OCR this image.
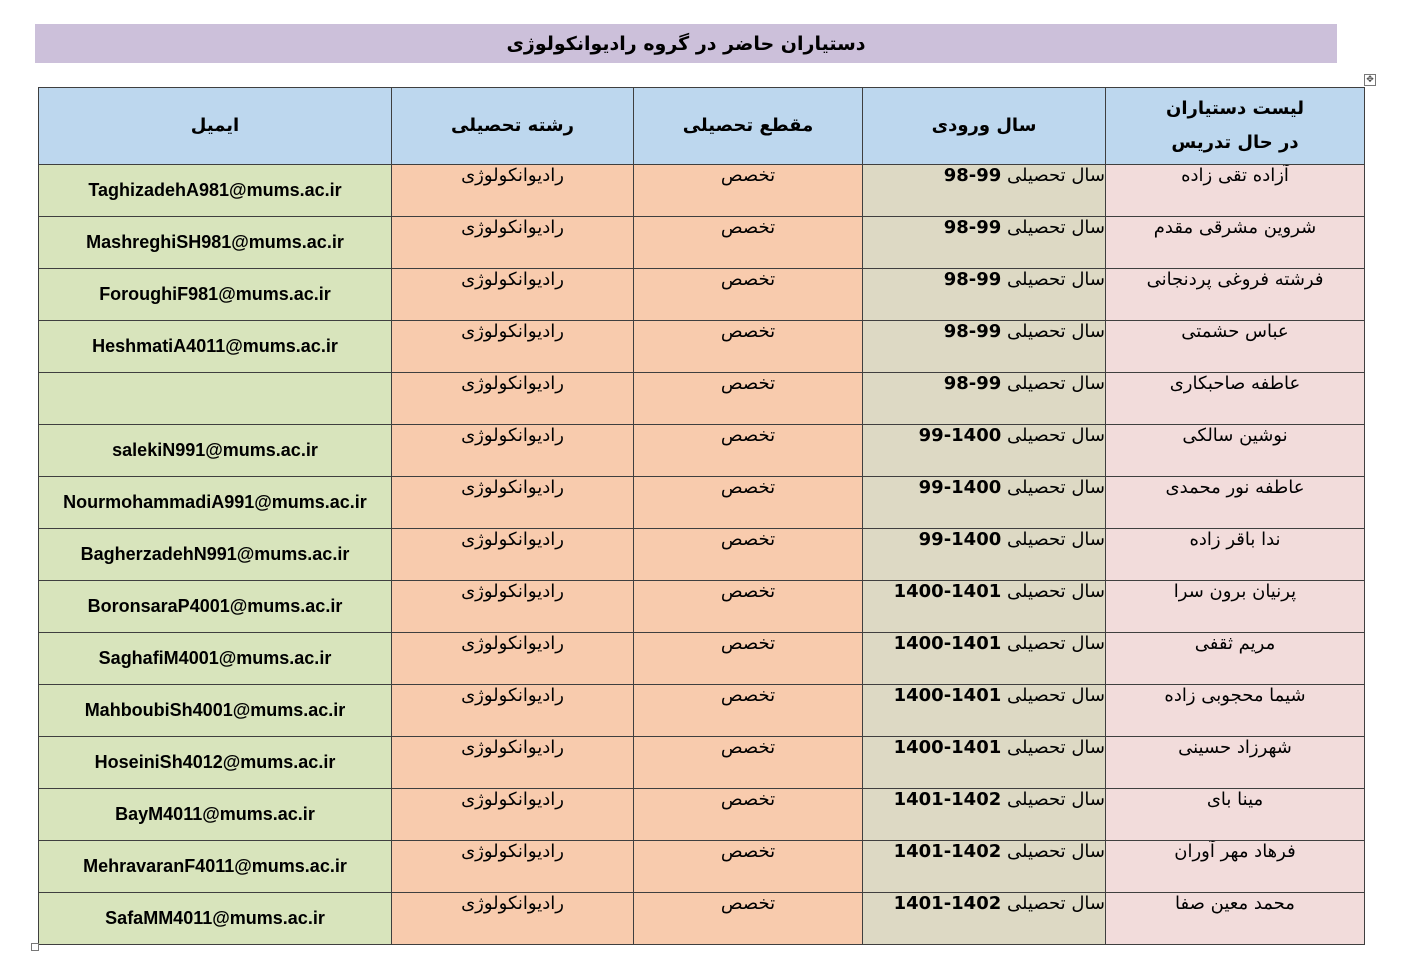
دستیاران حاضر در گروه رادیوانکولوژی
✥
لیست دستیاران
در حال تدریس	سال ورودی	مقطع تحصیلی	رشته تحصیلی	ایمیل
آزاده تقی زاده	سال تحصیلی 98-99	تخصص	رادیوانکولوژی	TaghizadehA981@mums.ac.ir
شروین مشرقی مقدم	سال تحصیلی 98-99	تخصص	رادیوانکولوژی	MashreghiSH981@mums.ac.ir
فرشته فروغی پردنجانی	سال تحصیلی 98-99	تخصص	رادیوانکولوژی	ForoughiF981@mums.ac.ir
عباس حشمتی	سال تحصیلی 98-99	تخصص	رادیوانکولوژی	HeshmatiA4011@mums.ac.ir
عاطفه صاحبکاری	سال تحصیلی 98-99	تخصص	رادیوانکولوژی	
نوشین سالکی	سال تحصیلی 99-1400	تخصص	رادیوانکولوژی	salekiN991@mums.ac.ir
عاطفه نور محمدی	سال تحصیلی 99-1400	تخصص	رادیوانکولوژی	NourmohammadiA991@mums.ac.ir
ندا باقر زاده	سال تحصیلی 99-1400	تخصص	رادیوانکولوژی	BagherzadehN991@mums.ac.ir
پرنیان برون سرا	سال تحصیلی 1400-1401	تخصص	رادیوانکولوژی	BoronsaraP4001@mums.ac.ir
مریم ثقفی	سال تحصیلی 1400-1401	تخصص	رادیوانکولوژی	SaghafiM4001@mums.ac.ir
شیما محجوبی زاده	سال تحصیلی 1400-1401	تخصص	رادیوانکولوژی	MahboubiSh4001@mums.ac.ir
شهرزاد حسینی	سال تحصیلی 1400-1401	تخصص	رادیوانکولوژی	HoseiniSh4012@mums.ac.ir
مینا بای	سال تحصیلی 1401-1402	تخصص	رادیوانکولوژی	BayM4011@mums.ac.ir
فرهاد مهر آوران	سال تحصیلی 1401-1402	تخصص	رادیوانکولوژی	MehravaranF4011@mums.ac.ir
محمد معین صفا	سال تحصیلی 1401-1402	تخصص	رادیوانکولوژی	SafaMM4011@mums.ac.ir
